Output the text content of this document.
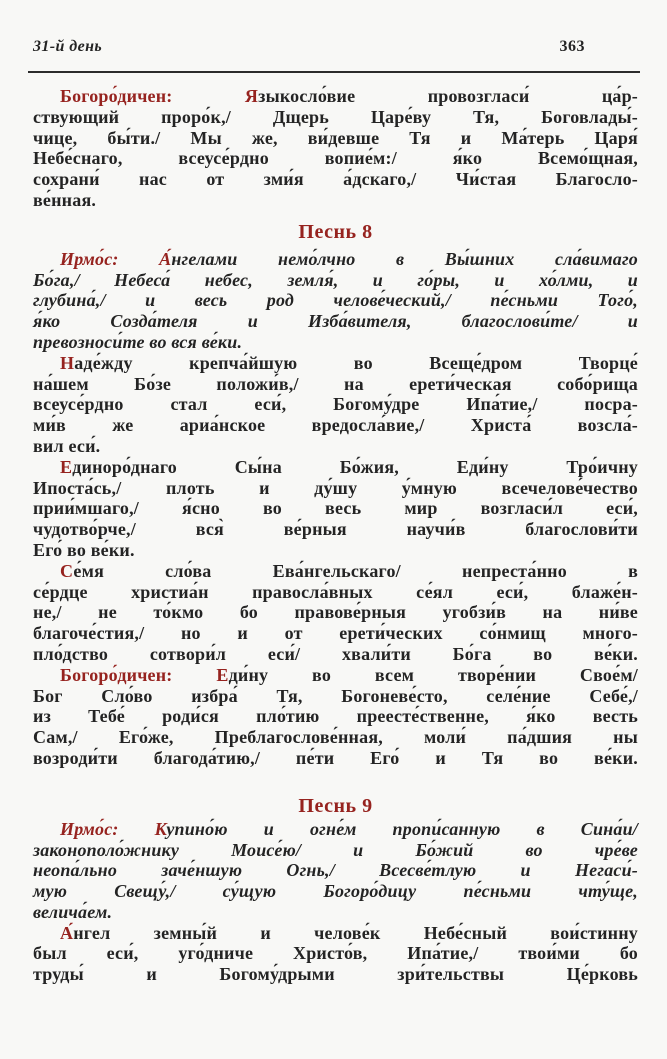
31-й день	363
Богоро́дичен: Языкосло́вие провозгласи́ ца́р-
ствующий проро́к,/ Дщерь Царе́ву Тя, Боговлады́-
чице, бы́ти./ Мы же, ви́девше Тя и Ма́терь Царя́
Небе́снаго, всеусе́рдно вопие́м:/ я́ко Всемо́щная,
сохрани́ нас от зми́я а́дскаго,/ Чи́стая Благосло-
ве́нная.
Песнь 8
Ирмо́с: А́нгелами немо́лчно в Вы́шних сла́вимаго
Бо́га,/ Небеса́ небес, земля́, и го́ры, и хо́лми, и
глубина́,/ и весь род челове́ческий,/ пе́сньми Того́,
я́ко Созда́теля и Изба́вителя, благослови́те/ и
превозноси́те во вся ве́ки.
Наде́жду крепча́йшую во Всеще́дром Творце́
на́шем Бо́зе положи́в,/ на ерети́ческая собо́рища
всеусе́рдно стал еси́, Богому́дре Ипа́тие,/ посра-
ми́в же ариа́нское вредосла́вие,/ Христа́ возсла́-
вил еси́.
Единоро́днаго Сы́на Бо́жия, Еди́ну Тро́ичну
Ипоста́сь,/ плоть и ду́шу у́мную всечелове́чество
прии́мшаго,/ я́сно во весь мир возгласи́л еси́,
чудотво́рче,/ вся̀ ве́рныя научи́в благослови́ти
Его́ во ве́ки.
Се́мя сло́ва Ева́нгельскаго/ непреста́нно в
се́рдце христиа́н правосла́вных се́ял еси́, блаже́н-
не,/ не то́кмо бо правове́рныя угобзи́в на ни́ве
благоче́стия,/ но и от ерети́ческих со́нмищ много-
пло́дство сотвори́л еси́/ хвали́ти Бо́га во ве́ки.
Богоро́дичен: Еди́ну во всем творе́нии Свое́м/
Бог Сло́во избра́ Тя, Богоневе́сто, селе́ние Себе́,/
из Тебе́ роди́ся пло́тию преесте́ственне, я́ко весть
Сам,/ Его́же, Преблагослове́нная, моли́ па́дшия ны
возроди́ти благода́тию,/ пе́ти Его́ и Тя во ве́ки.
Песнь 9
Ирмо́с: Купино́ю и огне́м пропи́санную в Сина́и/
законополо́жнику Моисе́ю/ и Бо́жий во чре́ве
неопа́льно заче́ншую Огнь,/ Всесве́тлую и Негаси́-
мую Свещу́,/ су́щую Богоро́дицу пе́сньми чту́ще,
велича́ем.
А́нгел земны́й и челове́к Небе́сный вои́стинну
был еси́, уго́дниче Христо́в, Ипа́тие,/ твои́ми бо
труды́ и Богому́дрыми зри́тельствы Це́рковь
